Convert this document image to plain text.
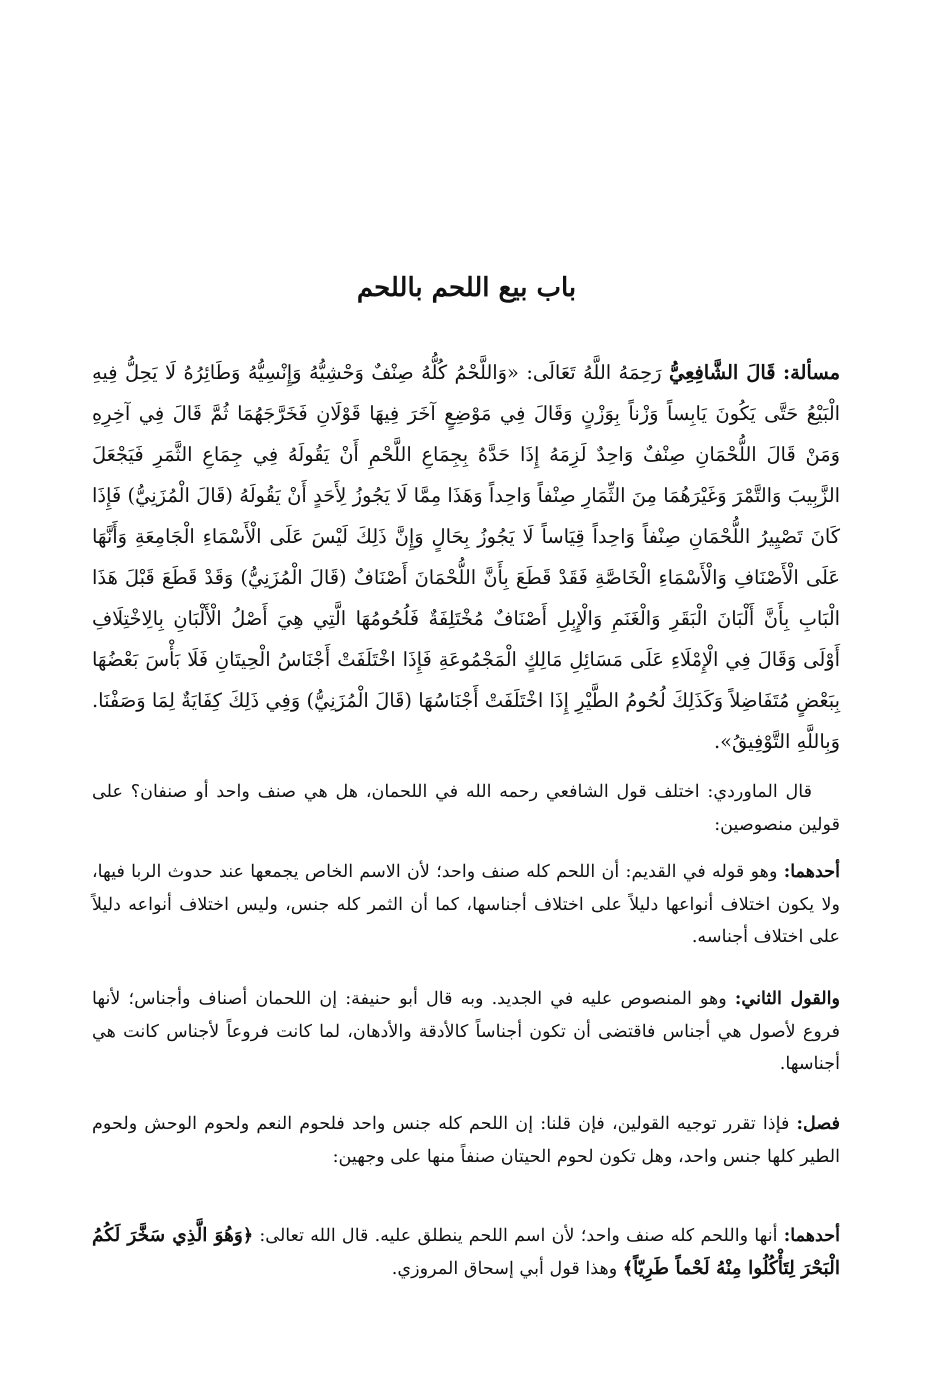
باب بيع اللحم باللحم
مسألة: قَالَ الشَّافِعِيُّ رَحِمَهُ اللَّهُ تَعَالَى: «وَاللَّحْمُ كُلُّهُ صِنْفٌ وَحْشِيُّهُ وَإِنْسِيُّهُ وَطَائِرُهُ لَا يَحِلُّ فِيهِ الْبَيْعُ حَتَّى يَكُونَ يَابِساً وَزْناً بِوَزْنٍ وَقَالَ فِي مَوْضِعٍ آخَرَ فِيهَا قَوْلَانِ فَخَرَّجَهُمَا ثُمَّ قَالَ فِي آخِرِهِ وَمَنْ قَالَ اللُّحْمَانِ صِنْفٌ وَاحِدٌ لَزِمَهُ إِذَا حَدَّهُ بِجِمَاعِ اللَّحْمِ أَنْ يَقُولَهُ فِي جِمَاعِ الثَّمَرِ فَيَجْعَلَ الزَّبِيبَ وَالتَّمْرَ وَغَيْرَهُمَا مِنَ الثِّمَارِ صِنْفاً وَاحِداً وَهَذَا مِمَّا لَا يَجُوزُ لِأَحَدٍ أَنْ يَقُولَهُ (قَالَ الْمُزَنِيُّ) فَإِذَا كَانَ تَصْيِيرُ اللُّحْمَانِ صِنْفاً وَاحِداً قِيَاساً لَا يَجُوزُ بِحَالٍ وَإِنَّ ذَلِكَ لَيْسَ عَلَى الْأَسْمَاءِ الْجَامِعَةِ وَأَنَّهَا عَلَى الْأَصْنَافِ وَالْأَسْمَاءِ الْخَاصَّةِ فَقَدْ قَطَعَ بِأَنَّ اللُّحْمَانَ أَصْنَافٌ (قَالَ الْمُزَنِيُّ) وَقَدْ قَطَعَ قَبْلَ هَذَا الْبَابِ بِأَنَّ أَلْبَانَ الْبَقَرِ وَالْغَنَمِ وَالْإِبِلِ أَصْنَافٌ مُخْتَلِفَةٌ فَلُحُومُهَا الَّتِي هِيَ أَصْلُ الْأَلْبَانِ بِالِاخْتِلَافِ أَوْلَى وَقَالَ فِي الْإِمْلَاءِ عَلَى مَسَائِلِ مَالِكٍ الْمَجْمُوعَةِ فَإِذَا اخْتَلَفَتْ أَجْنَاسُ الْحِيتَانِ فَلَا بَأْسَ بَعْضُهَا بِبَعْضٍ مُتَفَاضِلاً وَكَذَلِكَ لُحُومُ الطَّيْرِ إِذَا اخْتَلَفَتْ أَجْنَاسُهَا (قَالَ الْمُزَنِيُّ) وَفِي ذَلِكَ كِفَايَةٌ لِمَا وَصَفْنَا. وَبِاللَّهِ التَّوْفِيقُ».
قال الماوردي: اختلف قول الشافعي رحمه الله في اللحمان، هل هي صنف واحد أو صنفان؟ على قولين منصوصين:
أحدهما: وهو قوله في القديم: أن اللحم كله صنف واحد؛ لأن الاسم الخاص يجمعها عند حدوث الربا فيها، ولا يكون اختلاف أنواعها دليلاً على اختلاف أجناسها، كما أن الثمر كله جنس، وليس اختلاف أنواعه دليلاً على اختلاف أجناسه.
والقول الثاني: وهو المنصوص عليه في الجديد. وبه قال أبو حنيفة: إن اللحمان أصناف وأجناس؛ لأنها فروع لأصول هي أجناس فاقتضى أن تكون أجناساً كالأدقة والأدهان، لما كانت فروعاً لأجناس كانت هي أجناسها.
فصل: فإذا تقرر توجيه القولين، فإن قلنا: إن اللحم كله جنس واحد فلحوم النعم ولحوم الوحش ولحوم الطير كلها جنس واحد، وهل تكون لحوم الحيتان صنفاً منها على وجهين:
أحدهما: أنها واللحم كله صنف واحد؛ لأن اسم اللحم ينطلق عليه. قال الله تعالى: ﴿وَهُوَ الَّذِي سَخَّرَ لَكُمُ الْبَحْرَ لِتَأْكُلُوا مِنْهُ لَحْماً طَرِيّاً﴾ وهذا قول أبي إسحاق المروزي.
